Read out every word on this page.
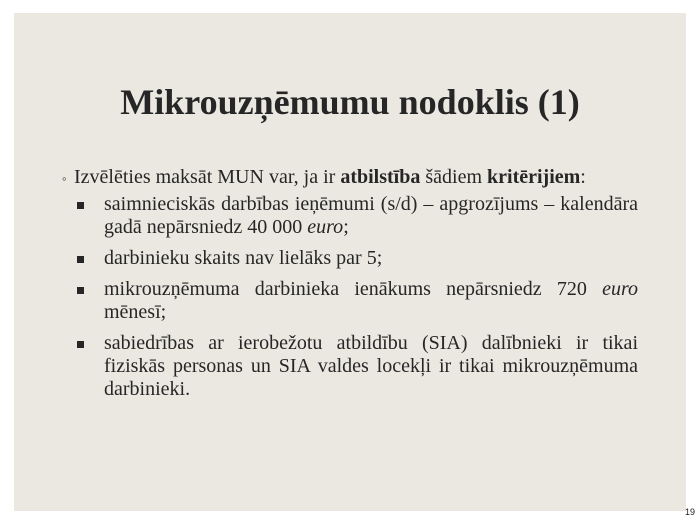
Mikrouzņēmumu nodoklis (1)

◦ Izvēlēties maksāt MUN var, ja ir atbilstība šādiem kritērijiem:

saimnieciskās darbības ieņēmumi (s/d) – apgrozījums – kalendāra gadā nepārsniedz 40 000 euro;
darbinieku skaits nav lielāks par 5;
mikrouzņēmuma darbinieka ienākums nepārsniedz 720 euro mēnesī;
sabiedrības ar ierobežotu atbildību (SIA) dalībnieki ir tikai fiziskās personas un SIA valdes locekļi ir tikai mikrouzņēmuma darbinieki.
19
